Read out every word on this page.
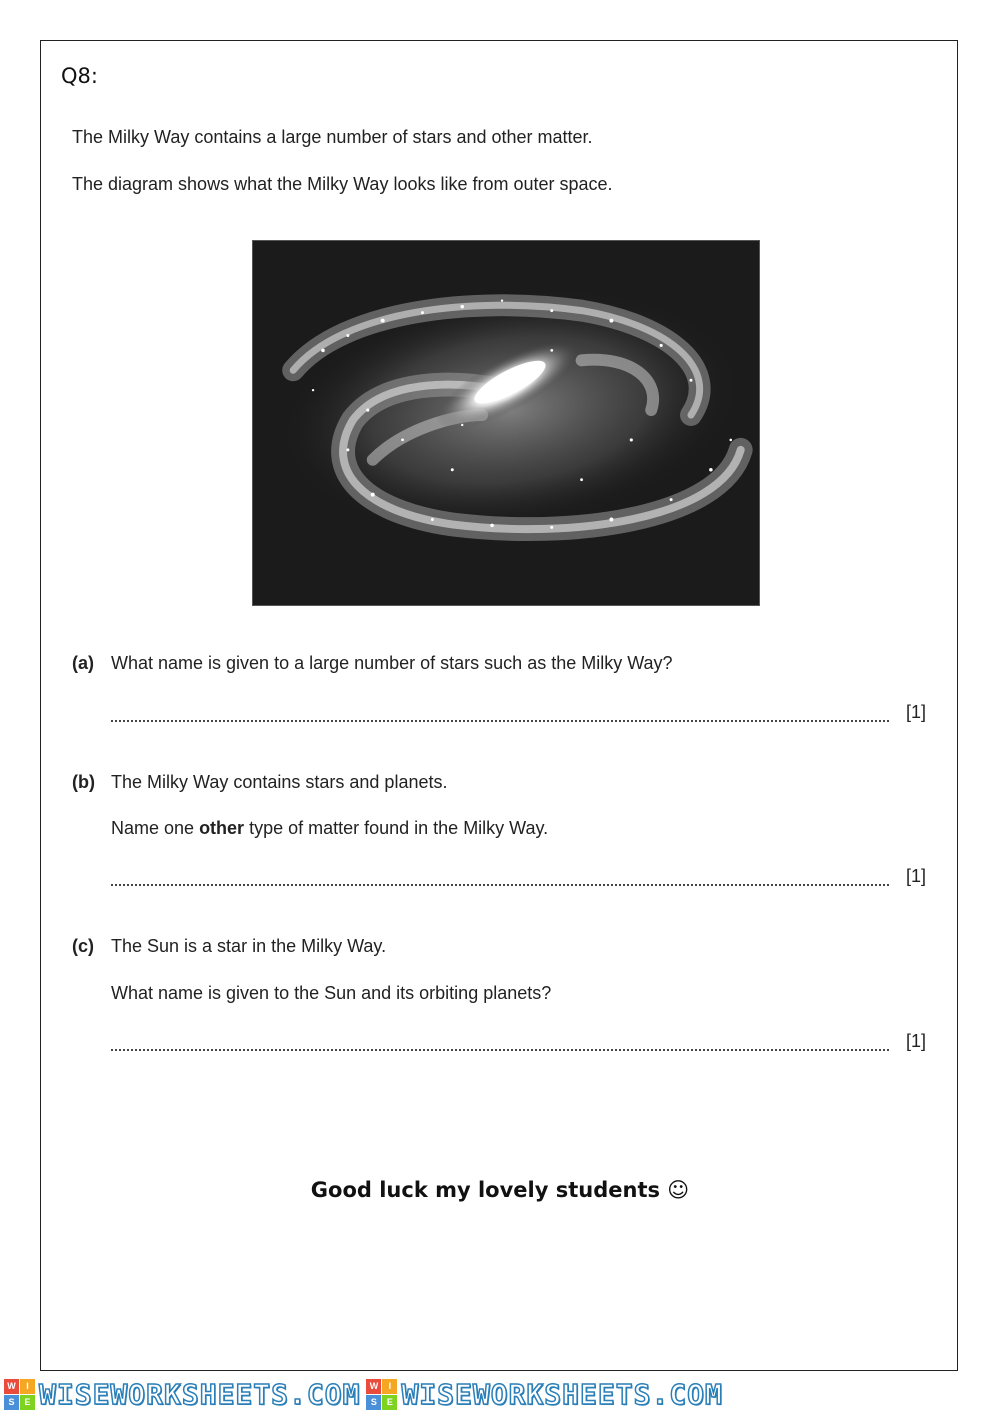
Q8:
The Milky Way contains a large number of stars and other matter.
The diagram shows what the Milky Way looks like from outer space.
(a) What name is given to a large number of stars such as the Milky Way?
[1]
(b) The Milky Way contains stars and planets.
Name one other type of matter found in the Milky Way.
[1]
(c) The Sun is a star in the Milky Way.
What name is given to the Sun and its orbiting planets?
[1]
Good luck my lovely students ☺
W	I
S	E WISEWORKSHEETS.COM	W	I
S	E WISEWORKSHEETS.COM
